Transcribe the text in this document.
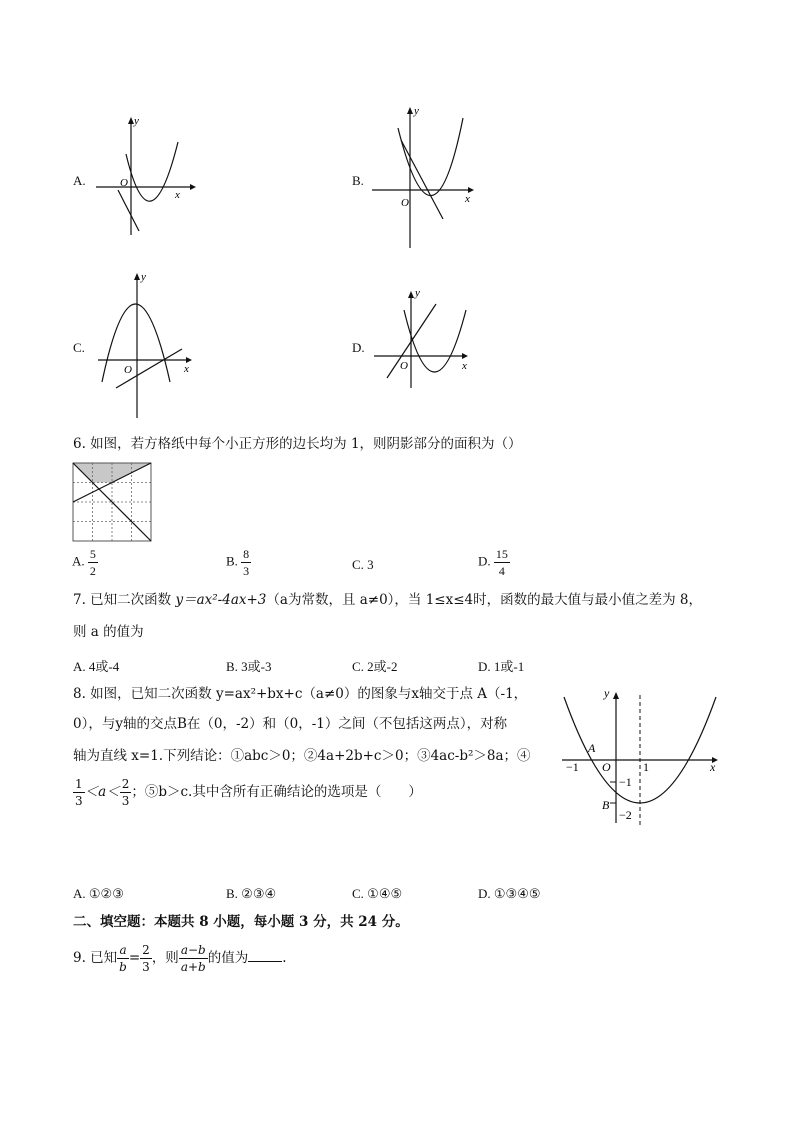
A.	O
x
y
B.
O	x
y
C.
O	x
y
D.
O	x
y
6. 如图，若方格纸中每个小正方形的边长均为 1，则阴影部分的面积为（）
A. $\frac{5}{2}$	B. $\frac{8}{3}$	C. 3	D. $\frac{15}{4}$
7. 已知二次函数 y＝ax²-4ax+3（a为常数，且 a≠0），当 1≤x≤4时，函数的最大值与最小值之差为 8，
则 a 的值为
A. 4或-4	B. 3或-3	C. 2或-2	D. 1或-1
8. 如图，已知二次函数 y=ax²+bx+c（a≠0）的图象与x轴交于点 A（-1，
0），与y轴的交点B在（0，-2）和（0，-1）之间（不包括这两点），对称
轴为直线 x=1.下列结论：①abc＞0；②4a+2b+c＞0；③4ac-b²＞8a；④
$\frac{1}{3} <a< \frac{2}{3}$ ；⑤b＞c.其中含所有正确结论的选项是（　　）
A
B
O	x
y
−1	1
−1
−2
A. ①②③	B. ②③④	C. ①④⑤	D. ①③④⑤
二、填空题：本题共 8 小题，每小题 3 分，共 24 分。
9. 已知 $\frac{a}{b} = \frac{2}{3}$ ，则 $\frac{a-b}{a+b}$ 的值为	.
